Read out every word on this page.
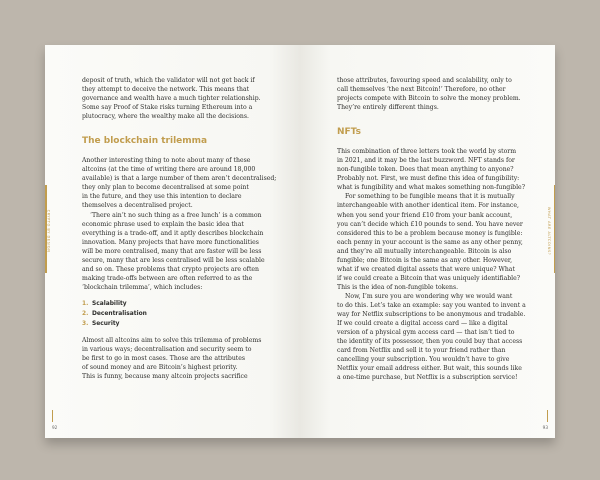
deposit of truth, which the validator will not get back if
they attempt to deceive the network. This means that
governance and wealth have a much tighter relationship.
Some say Proof of Stake risks turning Ethereum into a
plutocracy, where the wealthy make all the decisions.
The blockchain trilemma
Another interesting thing to note about many of these
altcoins (at the time of writing there are around 18,000
available) is that a large number of them aren’t decentralised;
they only plan to become decentralised at some point
in the future, and they use this intention to declare
themselves a decentralised project.
‘There ain’t no such thing as a free lunch’ is a common
economic phrase used to explain the basic idea that
everything is a trade-off, and it aptly describes blockchain
innovation. Many projects that have more functionalities
will be more centralised, many that are faster will be less
secure, many that are less centralised will be less scalable
and so on. These problems that crypto projects are often
making trade-offs between are often referred to as the
‘blockchain trilemma’, which includes:
1. Scalability
2. Decentralisation
3. Security
Almost all altcoins aim to solve this trilemma of problems
in various ways; decentralisation and security seem to
be first to go in most cases. Those are the attributes
of sound money and are Bitcoin’s highest priority.
This is funny, because many altcoin projects sacrifice
CRYPTO BY DESIGN
92
those attributes, favouring speed and scalability, only to
call themselves ‘the next Bitcoin!’ Therefore, no other
projects compete with Bitcoin to solve the money problem.
They’re entirely different things.
NFTs
This combination of three letters took the world by storm
in 2021, and it may be the last buzzword. NFT stands for
non-fungible token. Does that mean anything to anyone?
Probably not. First, we must define this idea of fungibility:
what is fungibility and what makes something non-fungible?
For something to be fungible means that it is mutually
interchangeable with another identical item. For instance,
when you send your friend £10 from your bank account,
you can’t decide which £10 pounds to send. You have never
considered this to be a problem because money is fungible:
each penny in your account is the same as any other penny,
and they’re all mutually interchangeable. Bitcoin is also
fungible; one Bitcoin is the same as any other. However,
what if we created digital assets that were unique? What
if we could create a Bitcoin that was uniquely identifiable?
This is the idea of non-fungible tokens.
Now, I’m sure you are wondering why we would want
to do this. Let’s take an example: say you wanted to invent a
way for Netflix subscriptions to be anonymous and tradable.
If we could create a digital access card — like a digital
version of a physical gym access card — that isn’t tied to
the identity of its possessor, then you could buy that access
card from Netflix and sell it to your friend rather than
cancelling your subscription. You wouldn’t have to give
Netflix your email address either. But wait, this sounds like
a one-time purchase, but Netflix is a subscription service!
WHAT ARE ALTCOINS?
93
